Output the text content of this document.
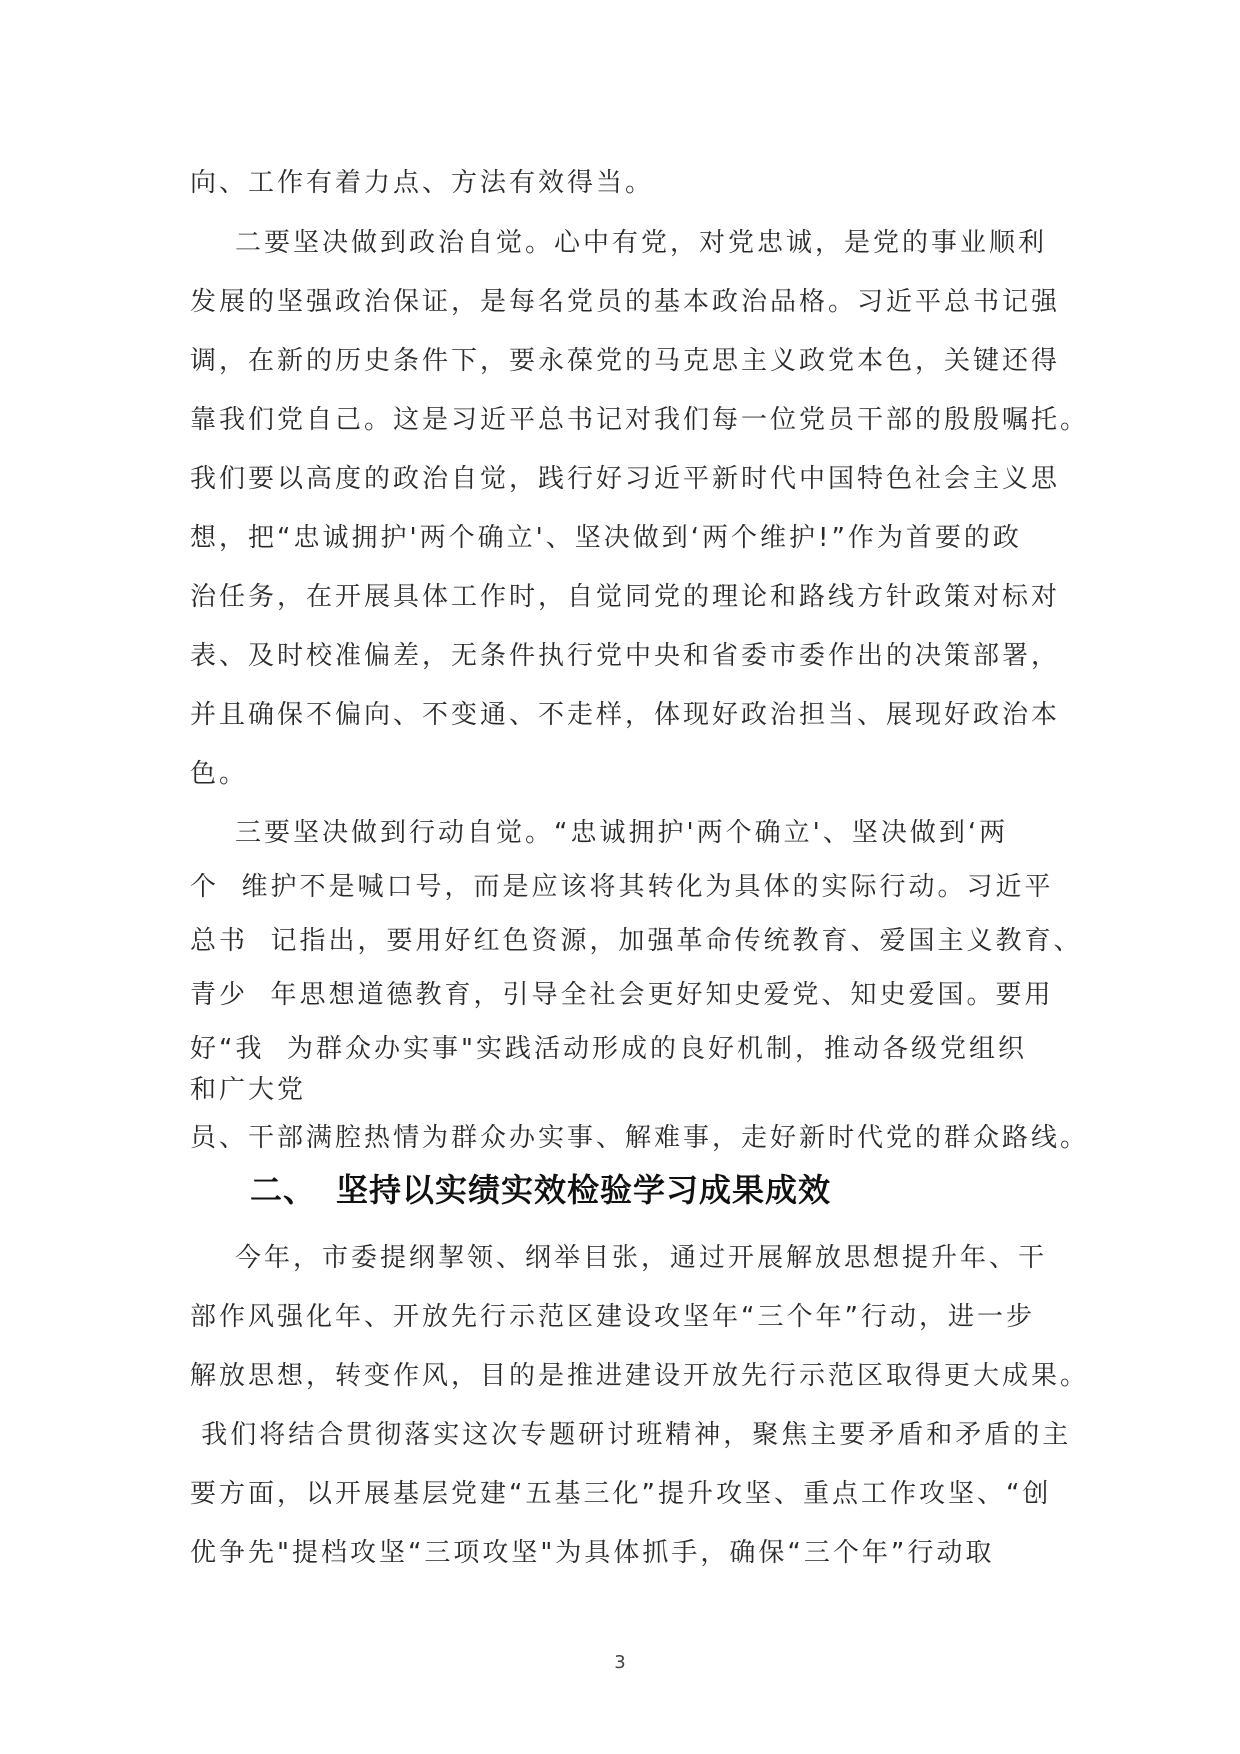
向、工作有着力点、方法有效得当。
二要坚决做到政治自觉。心中有党，对党忠诚，是党的事业顺利
发展的坚强政治保证，是每名党员的基本政治品格。习近平总书记强
调，在新的历史条件下，要永葆党的马克思主义政党本色，关键还得
靠我们党自己。这是习近平总书记对我们每一位党员干部的殷殷嘱托。
我们要以高度的政治自觉，践行好习近平新时代中国特色社会主义思
想，把“忠诚拥护'两个确立'、坚决做到‘两个维护!”作为首要的政
治任务，在开展具体工作时，自觉同党的理论和路线方针政策对标对
表、及时校准偏差，无条件执行党中央和省委市委作出的决策部署，
并且确保不偏向、不变通、不走样，体现好政治担当、展现好政治本
色。
三要坚决做到行动自觉。“忠诚拥护'两个确立'、坚决做到‘两
个  维护不是喊口号，而是应该将其转化为具体的实际行动。习近平
总书  记指出，要用好红色资源，加强革命传统教育、爱国主义教育、
青少  年思想道德教育，引导全社会更好知史爱党、知史爱国。要用
好“我  为群众办实事"实践活动形成的良好机制，推动各级党组织
和广大党
员、干部满腔热情为群众办实事、解难事，走好新时代党的群众路线。
二、 坚持以实绩实效检验学习成果成效
今年，市委提纲挈领、纲举目张，通过开展解放思想提升年、干
部作风强化年、开放先行示范区建设攻坚年“三个年”行动，进一步
解放思想，转变作风，目的是推进建设开放先行示范区取得更大成果。
我们将结合贯彻落实这次专题研讨班精神，聚焦主要矛盾和矛盾的主
要方面，以开展基层党建“五基三化”提升攻坚、重点工作攻坚、“创
优争先"提档攻坚“三项攻坚"为具体抓手，确保“三个年”行动取
3
